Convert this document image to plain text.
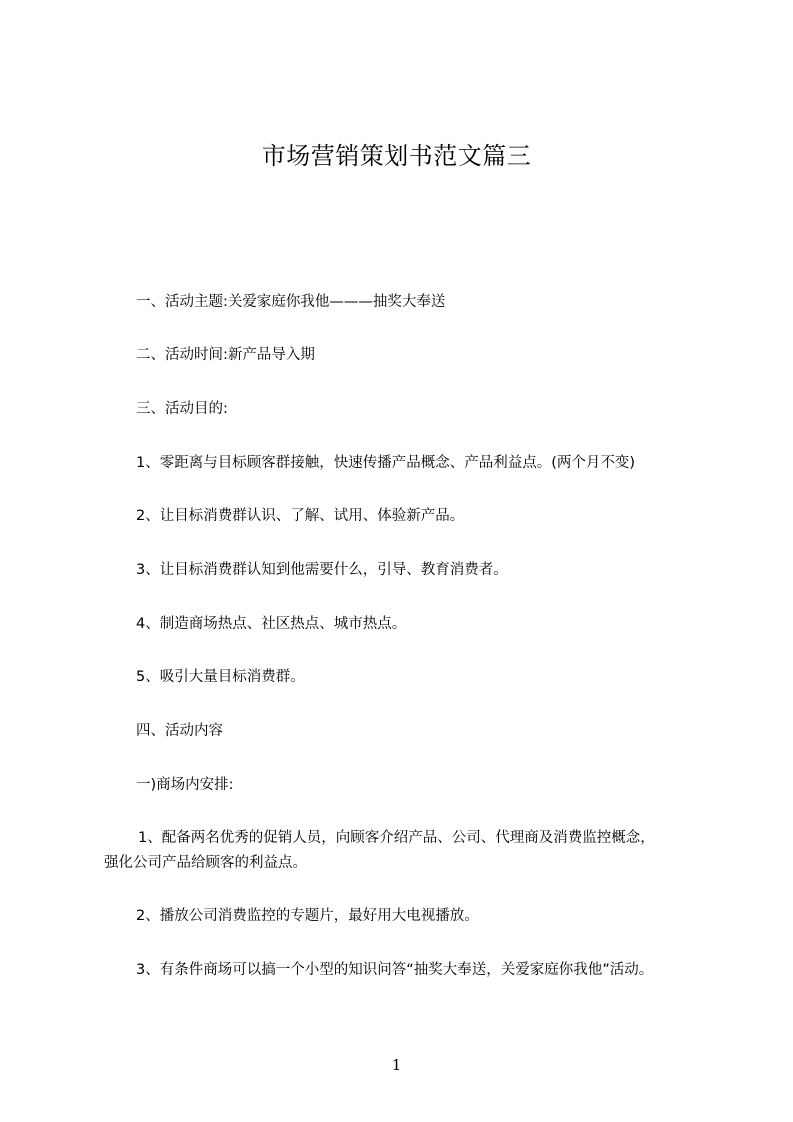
市场营销策划书范文篇三
一、活动主题:关爱家庭你我他———抽奖大奉送
二、活动时间:新产品导入期
三、活动目的:
1、零距离与目标顾客群接触，快速传播产品概念、产品利益点。(两个月不变)
2、让目标消费群认识、了解、试用、体验新产品。
3、让目标消费群认知到他需要什么，引导、教育消费者。
4、制造商场热点、社区热点、城市热点。
5、吸引大量目标消费群。
四、活动内容
一)商场内安排:
1、配备两名优秀的促销人员，向顾客介绍产品、公司、代理商及消费监控概念，
强化公司产品给顾客的利益点。
2、播放公司消费监控的专题片，最好用大电视播放。
3、有条件商场可以搞一个小型的知识问答“抽奖大奉送，关爱家庭你我他”活动。
1
